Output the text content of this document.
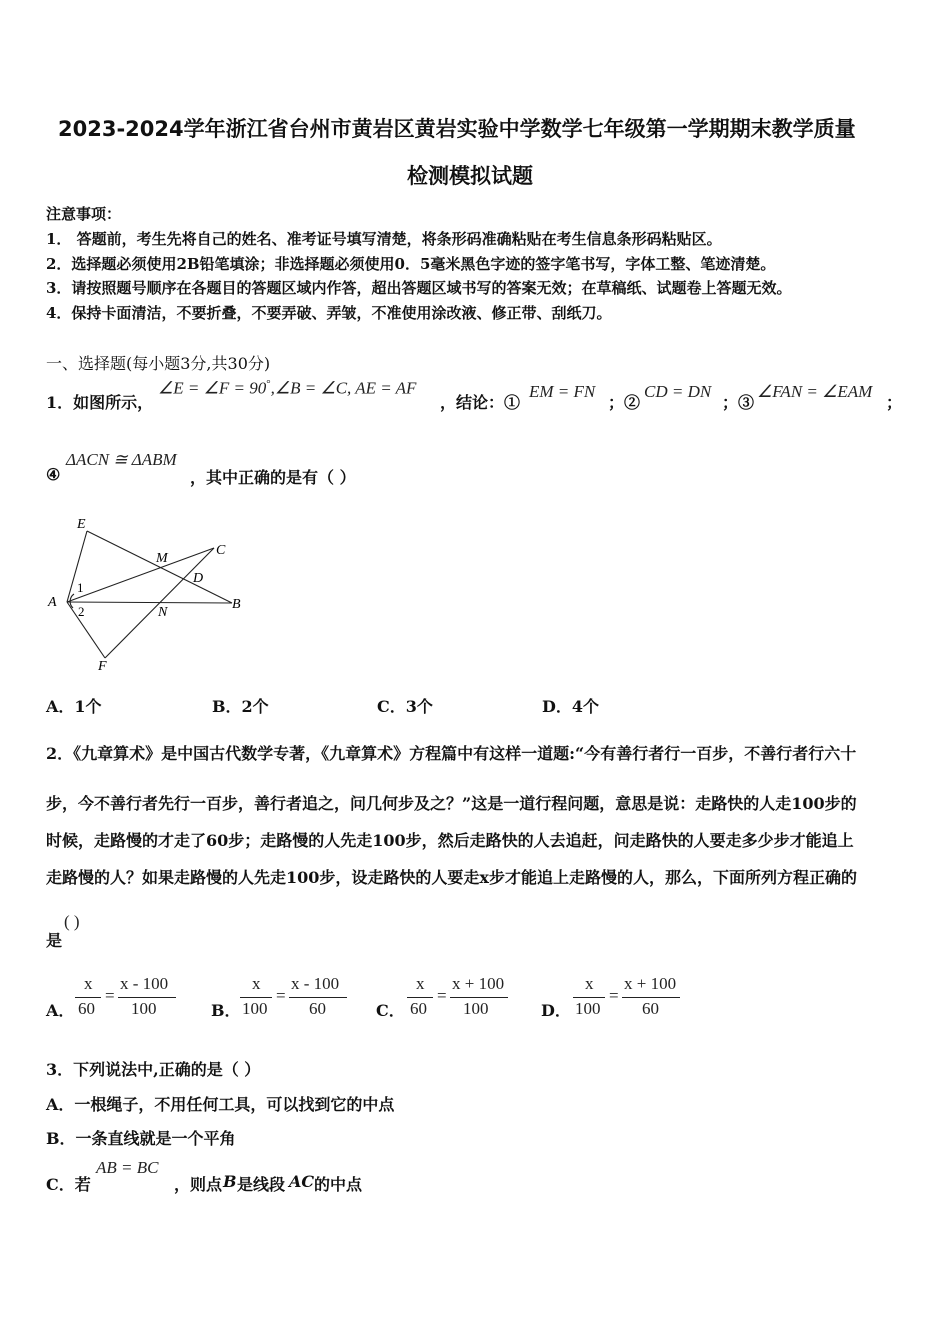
2023-2024学年浙江省台州市黄岩区黄岩实验中学数学七年级第一学期期末教学质量
检测模拟试题
注意事项：
1． 答题前，考生先将自己的姓名、准考证号填写清楚，将条形码准确粘贴在考生信息条形码粘贴区。
2．选择题必须使用2B铅笔填涂；非选择题必须使用0．5毫米黑色字迹的签字笔书写，字体工整、笔迹清楚。
3．请按照题号顺序在各题目的答题区域内作答，超出答题区域书写的答案无效；在草稿纸、试题卷上答题无效。
4．保持卡面清洁，不要折叠，不要弄破、弄皱，不准使用涂改液、修正带、刮纸刀。
一、选择题(每小题3分,共30分)
1．如图所示，
∠E = ∠F = 90°,∠B = ∠C, AE = AF
，结论：①
EM = FN
；②
CD = DN
；③
∠FAN = ∠EAM
；
④
ΔACN ≅ ΔABM
，其中正确的是有（ ）
E
M
C
D
1
A
2	N
B
F
A．1个	B．2个	C．3个	D．4个
2．《九章算术》是中国古代数学专著，《九章算术》方程篇中有这样一道题:“今有善行者行一百步，不善行者行六十
步，今不善行者先行一百步，善行者追之，问几何步及之？”这是一道行程问题，意思是说：走路快的人走100步的
时候，走路慢的才走了60步；走路慢的人先走100步，然后走路快的人去追赶，问走路快的人要走多少步才能追上
走路慢的人？如果走路慢的人先走100步，设走路快的人要走x步才能追上走路慢的人，那么，下面所列方程正确的
是
( )
A．
x
60
=
x - 100
100	B．
x
100
=
x - 100
60	C．
x
60
=
x + 100
100	D．
x
100
=
x + 100
60
3．下列说法中,正确的是（ ）
A．一根绳子，不用任何工具，可以找到它的中点
B．一条直线就是一个平角
C．若
AB = BC
，则点 B 是线段 AC 的中点
